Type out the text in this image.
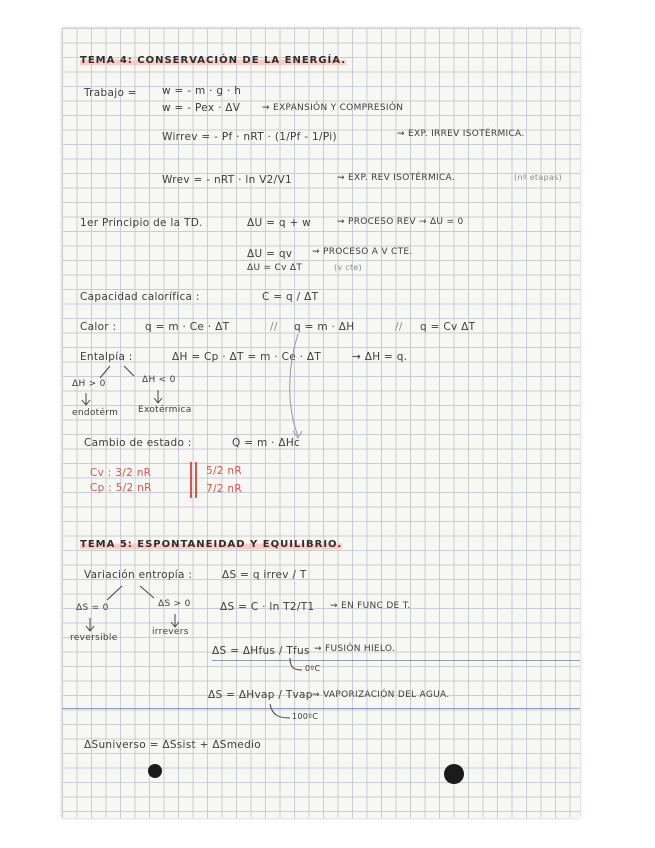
TEMA 4: CONSERVACIÓN DE LA ENERGÍA.
Trabajo = w = - m · g · h
w = - Pex · ΔV ⇝ EXPANSIÓN Y COMPRESIÓN
Wirrev = - Pf · nRT · (1/Pf - 1/Pi)	⇝ EXP. IRREV ISOTÉRMICA.
Wrev = - nRT · ln V2/V1	⇝ EXP. REV ISOTÉRMICA.	(nº etapas)
1er Principio de la TD.	ΔU = q + w	⇝ PROCESO REV → ΔU = 0
ΔU = qv ⇝ PROCESO A V CTE.
ΔU = Cv ΔT	(v cte)
Capacidad calorífica :	C = q / ΔT
Calor :	q = m · Ce · ΔT	// q = m · ΔH	// q = Cv ΔT
Entalpía :	ΔH = Cp · ΔT = m · Ce · ΔT	→ ΔH = q.
ΔH > 0
endotérm
ΔH < 0
Exotérmica
Cambio de estado :	Q = m · ΔHc
Cv : 3/2 nR
Cp : 5/2 nR
5/2 nR
7/2 nR
TEMA 5: ESPONTANEIDAD Y EQUILIBRIO.
Variación entropía :	ΔS = q irrev / T
ΔS = 0
reversible
ΔS > 0
irrevers
ΔS = C · ln T2/T1 ⇝ EN FUNC DE T.
ΔS = ΔHfus / Tfus ⇝ FUSIÓN HIELO.
0ºC
ΔS = ΔHvap / Tvap ⇝ VAPORIZACIÓN DEL AGUA.
100ºC
ΔSuniverso = ΔSsist + ΔSmedio
